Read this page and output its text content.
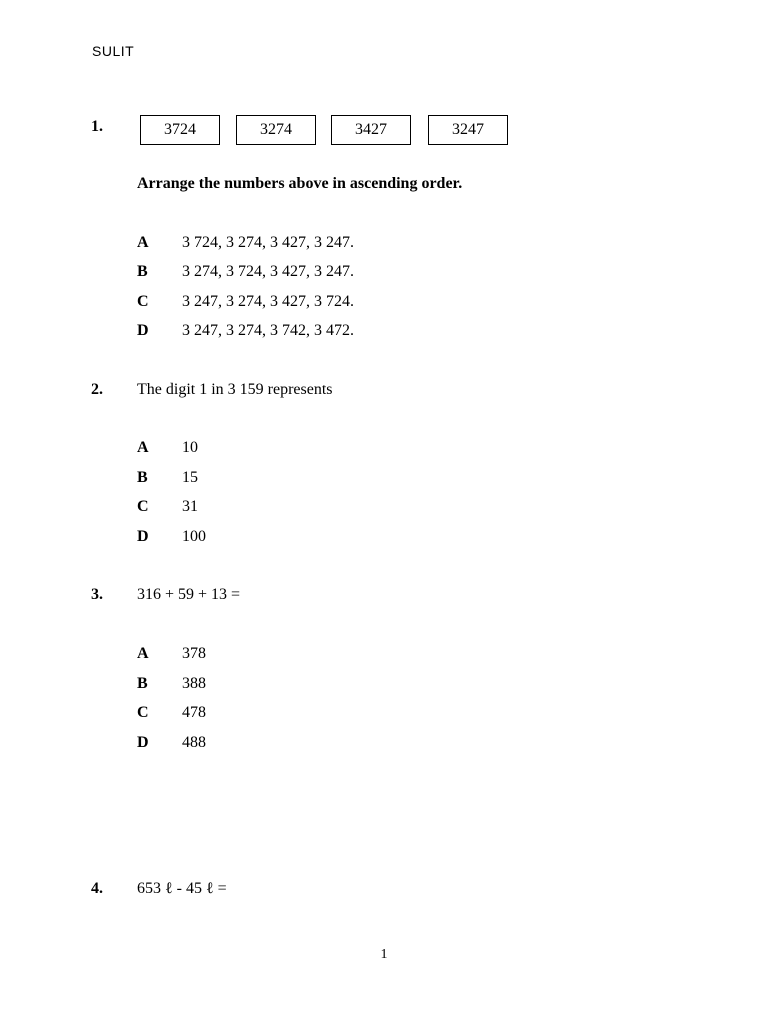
SULIT
1.	3724	3274	3427	3247
Arrange the numbers above in ascending order.
A 3 724, 3 274, 3 427, 3 247.
B 3 274, 3 724, 3 427, 3 247.
C 3 247, 3 274, 3 427, 3 724.
D 3 247, 3 274, 3 742, 3 472.
2. The digit 1 in 3 159 represents
A 10
B 15
C 31
D 100
3. 316 + 59 + 13 =
A 378
B 388
C 478
D 488
4. 653 ℓ - 45 ℓ =
1
